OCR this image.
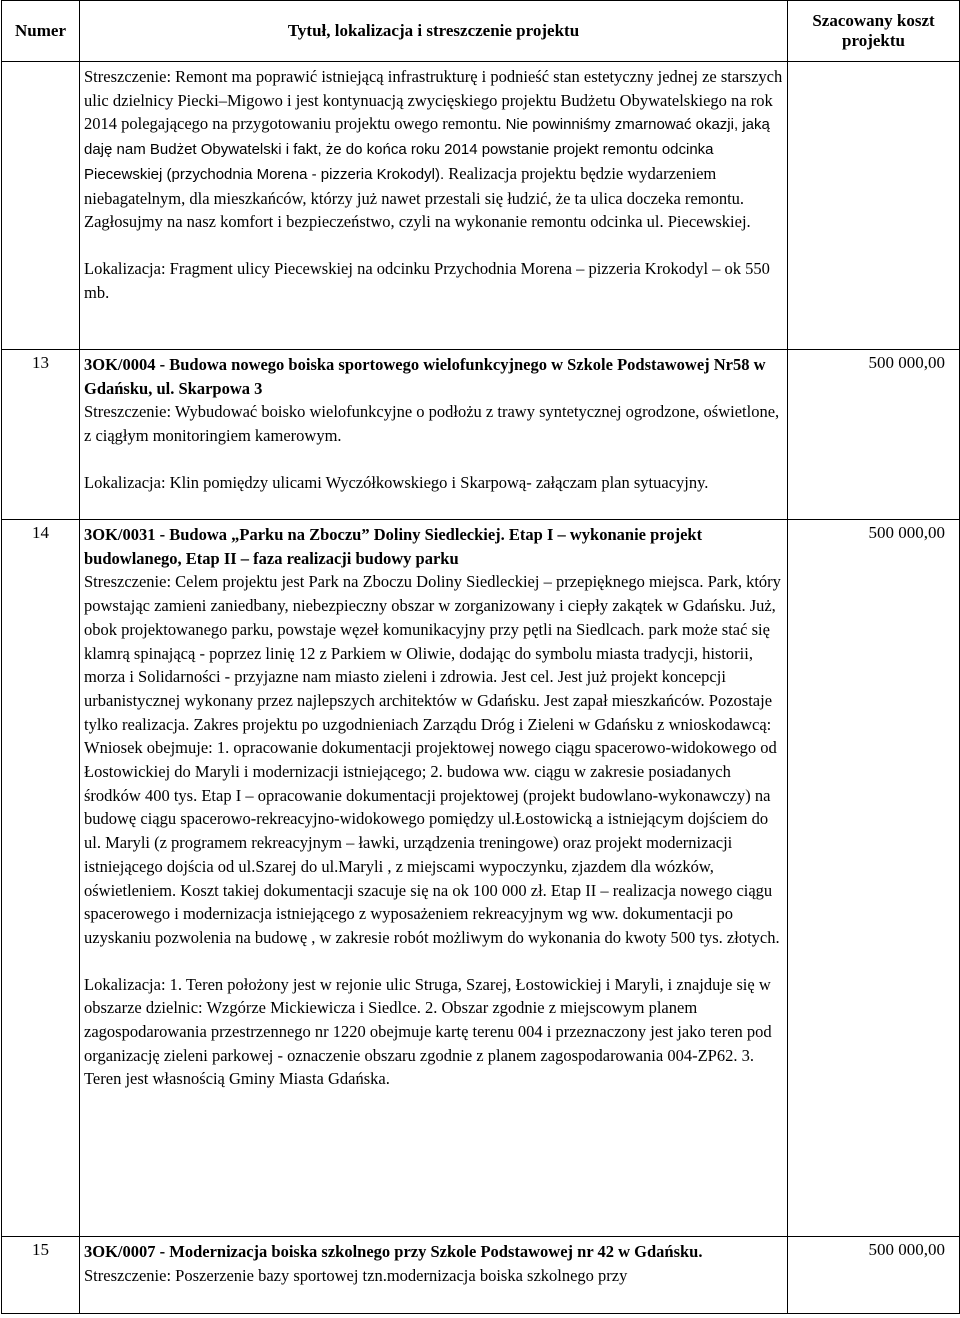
Numer	Tytuł, lokalizacja i streszczenie projektu	Szacowany koszt projektu

	Streszczenie: Remont ma poprawić istniejącą infrastrukturę i podnieść stan estetyczny jednej ze starszych ulic dzielnicy Piecki–Migowo i jest kontynuacją zwycięskiego projektu Budżetu Obywatelskiego na rok 2014 polegającego na przygotowaniu projektu owego remontu. Nie powinniśmy zmarnować okazji, jaką daję nam Budżet Obywatelski i fakt, że do końca roku 2014 powstanie projekt remontu odcinka Piecewskiej (przychodnia Morena - pizzeria Krokodyl). Realizacja projektu będzie wydarzeniem niebagatelnym, dla mieszkańców, którzy już nawet przestali się łudzić, że ta ulica doczeka remontu. Zagłosujmy na nasz komfort i bezpieczeństwo, czyli na wykonanie remontu odcinka ul. Piecewskiej.

Lokalizacja: Fragment ulicy Piecewskiej na odcinku Przychodnia Morena – pizzeria Krokodyl – ok 550 mb.	

13	3OK/0004 - Budowa nowego boiska sportowego wielofunkcyjnego w Szkole Podstawowej Nr58 w Gdańsku, ul. Skarpowa 3

Streszczenie: Wybudować boisko wielofunkcyjne o podłożu z trawy syntetycznej ogrodzone, oświetlone, z ciągłym monitoringiem kamerowym.

Lokalizacja: Klin pomiędzy ulicami Wyczółkowskiego i Skarpową- załączam plan sytuacyjny.	500 000,00
14	3OK/0031 - Budowa „Parku na Zboczu” Doliny Siedleckiej. Etap I – wykonanie projekt budowlanego, Etap II – faza realizacji budowy parku

Streszczenie: Celem projektu jest Park na Zboczu Doliny Siedleckiej – przepięknego miejsca. Park, który powstając zamieni zaniedbany, niebezpieczny obszar w zorganizowany i ciepły zakątek w Gdańsku. Już, obok projektowanego parku, powstaje węzeł komunikacyjny przy pętli na Siedlcach. park może stać się klamrą spinającą - poprzez linię 12 z Parkiem w Oliwie, dodając do symbolu miasta tradycji, historii, morza i Solidarności - przyjazne nam miasto zieleni i zdrowia. Jest cel. Jest już projekt koncepcji urbanistycznej wykonany przez najlepszych architektów w Gdańsku. Jest zapał mieszkańców. Pozostaje tylko realizacja. Zakres projektu po uzgodnieniach Zarządu Dróg i Zieleni w Gdańsku z wnioskodawcą: Wniosek obejmuje: 1. opracowanie dokumentacji projektowej nowego ciągu spacerowo-widokowego od Łostowickiej do Maryli i modernizacji istniejącego; 2. budowa ww. ciągu w zakresie posiadanych środków 400 tys. Etap I – opracowanie dokumentacji projektowej (projekt budowlano-wykonawczy) na budowę ciągu spacerowo-rekreacyjno-widokowego pomiędzy ul.Łostowicką a istniejącym dojściem do ul. Maryli (z programem rekreacyjnym – ławki, urządzenia treningowe) oraz projekt modernizacji istniejącego dojścia od ul.Szarej do ul.Maryli , z miejscami wypoczynku, zjazdem dla wózków, oświetleniem. Koszt takiej dokumentacji szacuje się na ok 100 000 zł. Etap II – realizacja nowego ciągu spacerowego i modernizacja istniejącego z wyposażeniem rekreacyjnym wg ww. dokumentacji po uzyskaniu pozwolenia na budowę , w zakresie robót możliwym do wykonania do kwoty 500 tys. złotych.

Lokalizacja: 1. Teren położony jest w rejonie ulic Struga, Szarej, Łostowickiej i Maryli, i znajduje się w obszarze dzielnic: Wzgórze Mickiewicza i Siedlce. 2. Obszar zgodnie z miejscowym planem zagospodarowania przestrzennego nr 1220 obejmuje kartę terenu 004 i przeznaczony jest jako teren pod organizację zieleni parkowej - oznaczenie obszaru zgodnie z planem zagospodarowania 004-ZP62. 3. Teren jest własnością Gminy Miasta Gdańska.	500 000,00
15	3OK/0007 - Modernizacja boiska szkolnego przy Szkole Podstawowej nr 42 w Gdańsku.

Streszczenie: Poszerzenie bazy sportowej tzn.modernizacja boiska szkolnego przy	500 000,00
